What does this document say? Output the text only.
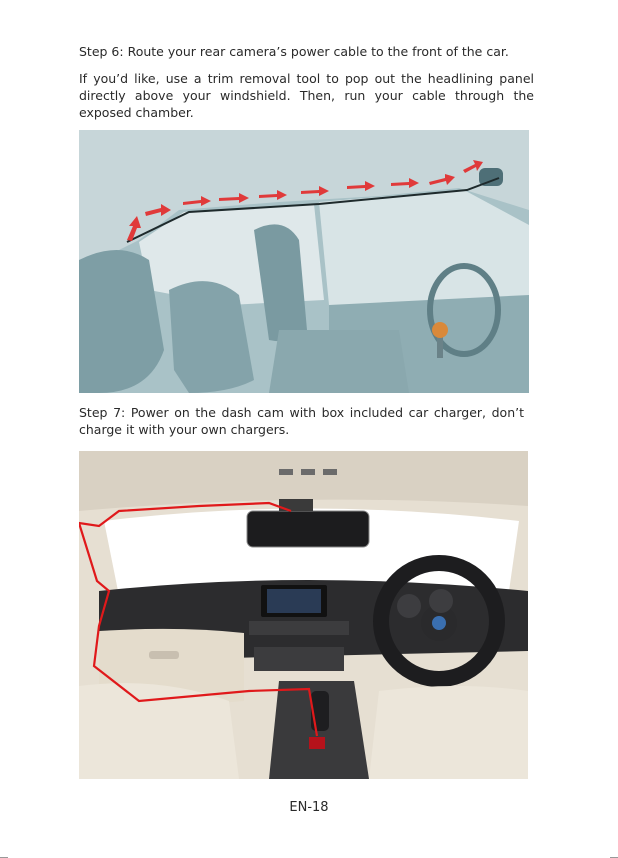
Step 6: Route your rear camera’s power cable to the front of the car.

If you’d like, use a trim removal tool to pop out the headlining panel directly above your windshield. Then, run your cable through the exposed chamber.

Step 7: Power on the dash cam with box included car charger, don’t charge it with your own chargers.

EN-18
